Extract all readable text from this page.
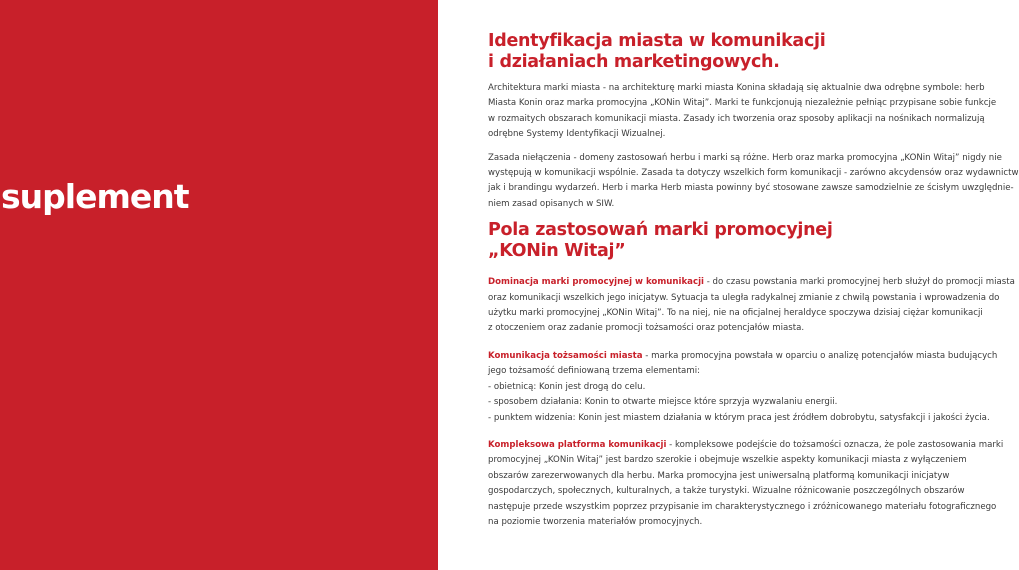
suplement
Identyfikacja miasta w komunikacji
i działaniach marketingowych.

Architektura marki miasta - na architekturę marki miasta Konina składają się aktualnie dwa odrębne symbole: herb
Miasta Konin oraz marka promocyjna „KONin Witaj”. Marki te funkcjonują niezależnie pełniąc przypisane sobie funkcje
w rozmaitych obszarach komunikacji miasta. Zasady ich tworzenia oraz sposoby aplikacji na nośnikach normalizują
odrębne Systemy Identyfikacji Wizualnej.

Zasada niełączenia - domeny zastosowań herbu i marki są różne. Herb oraz marka promocyjna „KONin Witaj” nigdy nie
występują w komunikacji wspólnie. Zasada ta dotyczy wszelkich form komunikacji - zarówno akcydensów oraz wydawnictw
jak i brandingu wydarzeń. Herb i marka Herb miasta powinny być stosowane zawsze samodzielnie ze ścisłym uwzględnie-
niem zasad opisanych w SIW.

Pola zastosowań marki promocyjnej
„KONin Witaj”

Dominacja marki promocyjnej w komunikacji - do czasu powstania marki promocyjnej herb służył do promocji miasta
oraz komunikacji wszelkich jego inicjatyw. Sytuacja ta uległa radykalnej zmianie z chwilą powstania i wprowadzenia do
użytku marki promocyjnej „KONin Witaj”. To na niej, nie na oficjalnej heraldyce spoczywa dzisiaj ciężar komunikacji
z otoczeniem oraz zadanie promocji tożsamości oraz potencjałów miasta.

Komunikacja tożsamości miasta - marka promocyjna powstała w oparciu o analizę potencjałów miasta budujących
jego tożsamość definiowaną trzema elementami:
- obietnicą: Konin jest drogą do celu.
- sposobem działania: Konin to otwarte miejsce które sprzyja wyzwalaniu energii.
- punktem widzenia: Konin jest miastem działania w którym praca jest źródłem dobrobytu, satysfakcji i jakości życia.

Kompleksowa platforma komunikacji - kompleksowe podejście do tożsamości oznacza, że pole zastosowania marki
promocyjnej „KONin Witaj” jest bardzo szerokie i obejmuje wszelkie aspekty komunikacji miasta z wyłączeniem
obszarów zarezerwowanych dla herbu. Marka promocyjna jest uniwersalną platformą komunikacji inicjatyw
gospodarczych, społecznych, kulturalnych, a także turystyki. Wizualne różnicowanie poszczególnych obszarów
następuje przede wszystkim poprzez przypisanie im charakterystycznego i zróżnicowanego materiału fotograficznego
na poziomie tworzenia materiałów promocyjnych.
